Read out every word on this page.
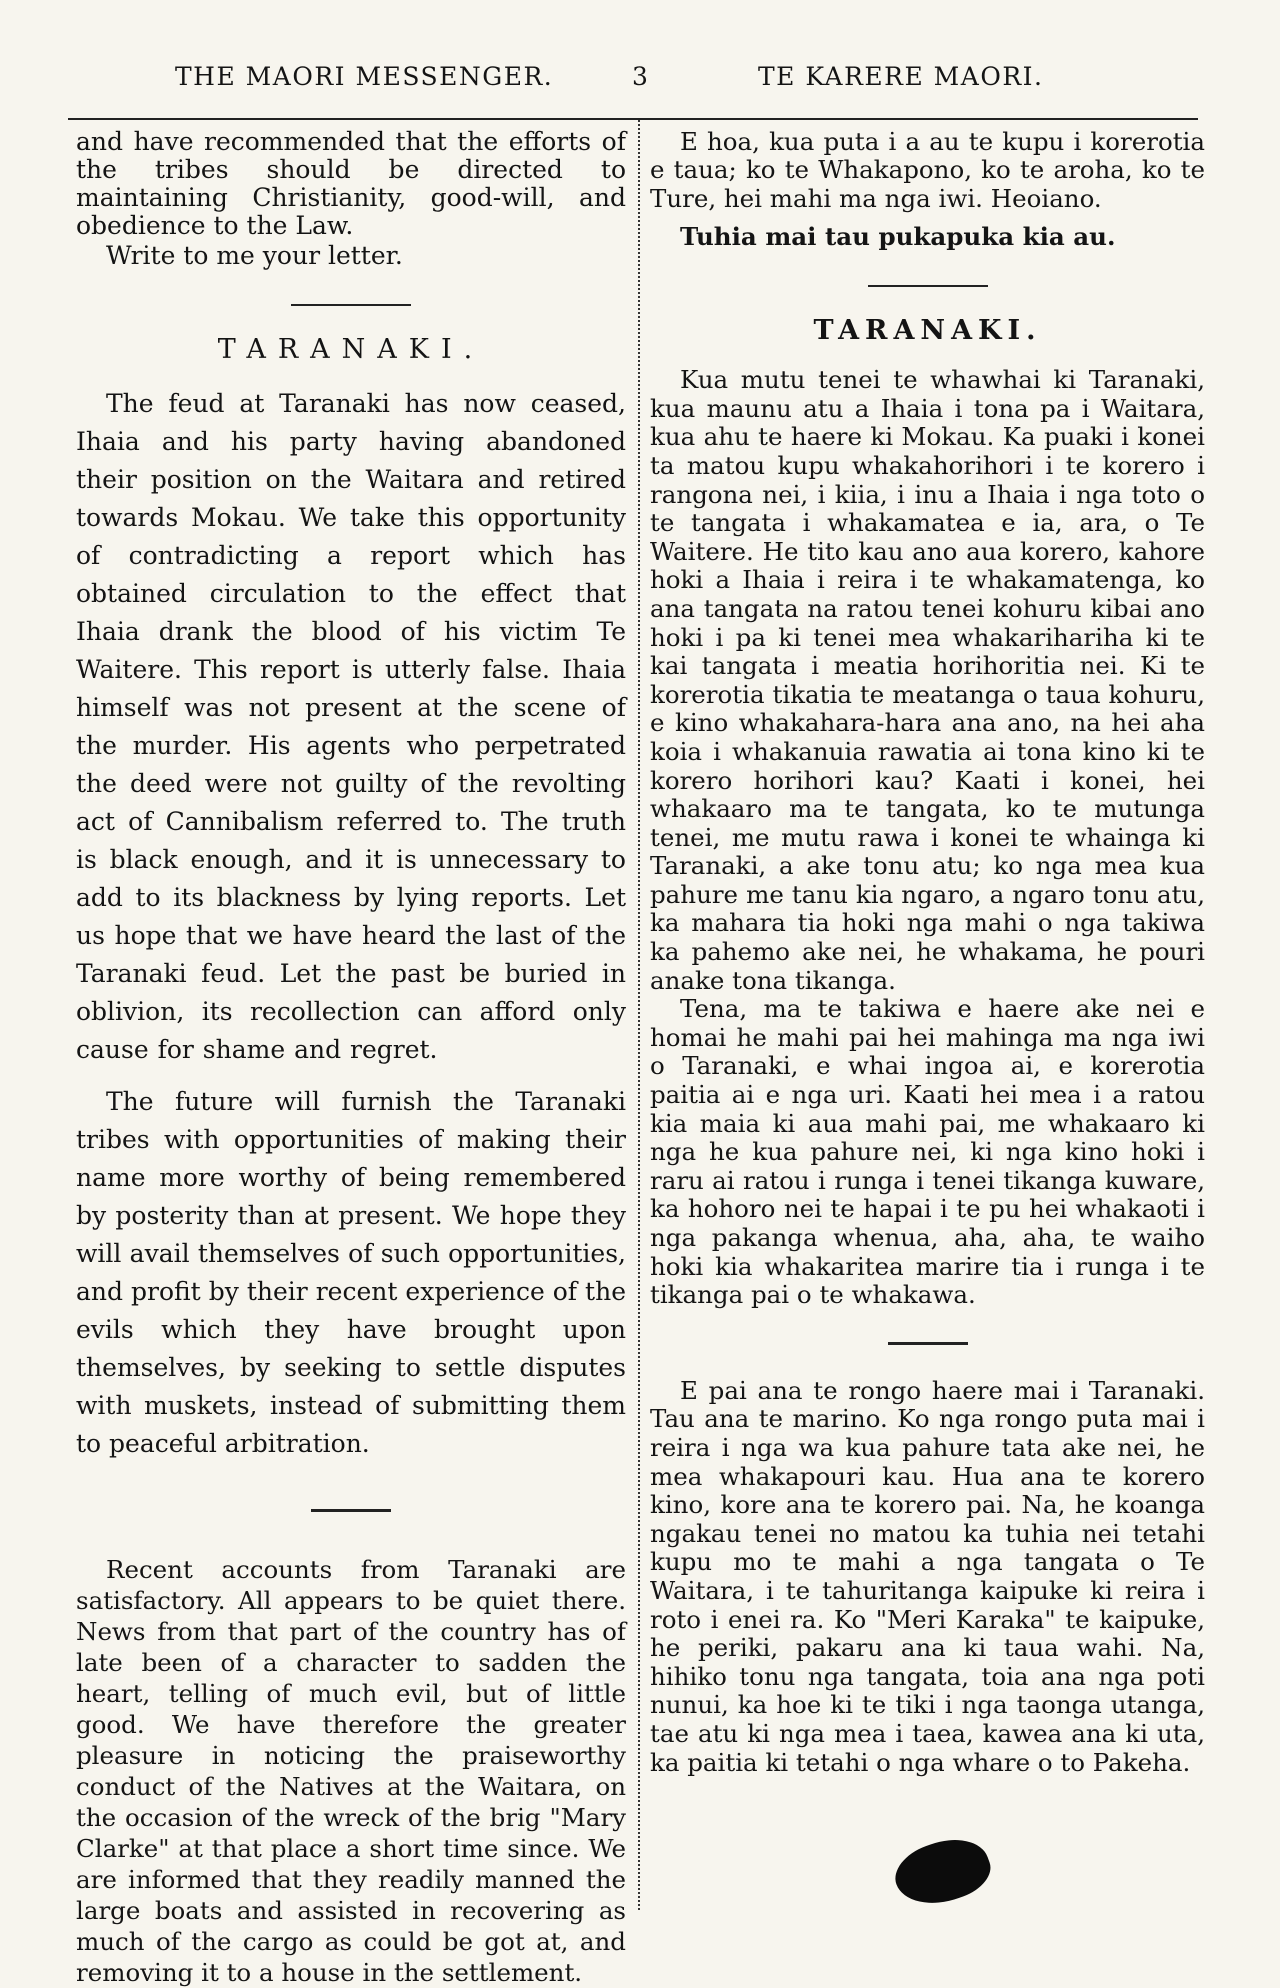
THE MAORI MESSENGER.	3	TE KARERE MAORI.

and have recommended that the efforts of the tribes should be directed to maintaining Christianity, good-will, and obedience to the Law.

Write to me your letter.

TARANAKI.

The feud at Taranaki has now ceased, Ihaia and his party having abandoned their position on the Waitara and retired towards Mokau. We take this opportunity of contradicting a report which has obtained circulation to the effect that Ihaia drank the blood of his victim Te Waitere. This report is utterly false. Ihaia himself was not present at the scene of the murder. His agents who perpetrated the deed were not guilty of the revolting act of Cannibalism referred to. The truth is black enough, and it is unnecessary to add to its blackness by lying reports. Let us hope that we have heard the last of the Taranaki feud. Let the past be buried in oblivion, its recollection can afford only cause for shame and regret.

The future will furnish the Taranaki tribes with opportunities of making their name more worthy of being remembered by posterity than at present. We hope they will avail themselves of such opportunities, and profit by their recent experience of the evils which they have brought upon themselves, by seeking to settle disputes with muskets, instead of submitting them to peaceful arbitration.

Recent accounts from Taranaki are satisfactory. All appears to be quiet there. News from that part of the country has of late been of a character to sadden the heart, telling of much evil, but of little good. We have therefore the greater pleasure in noticing the praiseworthy conduct of the Natives at the Waitara, on the occasion of the wreck of the brig "Mary Clarke" at that place a short time since. We are informed that they readily manned the large boats and assisted in recovering as much of the cargo as could be got at, and removing it to a house in the settlement.

E hoa, kua puta i a au te kupu i korerotia e taua; ko te Whakapono, ko te aroha, ko te Ture, hei mahi ma nga iwi. Heoiano.

Tuhia mai tau pukapuka kia au.

TARANAKI.

Kua mutu tenei te whawhai ki Taranaki, kua maunu atu a Ihaia i tona pa i Waitara, kua ahu te haere ki Mokau. Ka puaki i konei ta matou kupu whakahorihori i te korero i rangona nei, i kiia, i inu a Ihaia i nga toto o te tangata i whakamatea e ia, ara, o Te Waitere. He tito kau ano aua korero, kahore hoki a Ihaia i reira i te whakamatenga, ko ana tangata na ratou tenei kohuru kibai ano hoki i pa ki tenei mea whakarihariha ki te kai tangata i meatia horihoritia nei. Ki te korerotia tikatia te meatanga o taua kohuru, e kino whakahara-hara ana ano, na hei aha koia i whakanuia rawatia ai tona kino ki te korero horihori kau? Kaati i konei, hei whakaaro ma te tangata, ko te mutunga tenei, me mutu rawa i konei te whainga ki Taranaki, a ake tonu atu; ko nga mea kua pahure me tanu kia ngaro, a ngaro tonu atu, ka mahara tia hoki nga mahi o nga takiwa ka pahemo ake nei, he whakama, he pouri anake tona tikanga.

Tena, ma te takiwa e haere ake nei e homai he mahi pai hei mahinga ma nga iwi o Taranaki, e whai ingoa ai, e korerotia paitia ai e nga uri. Kaati hei mea i a ratou kia maia ki aua mahi pai, me whakaaro ki nga he kua pahure nei, ki nga kino hoki i raru ai ratou i runga i tenei tikanga kuware, ka hohoro nei te hapai i te pu hei whakaoti i nga pakanga whenua, aha, aha, te waiho hoki kia whakaritea marire tia i runga i te tikanga pai o te whakawa.

E pai ana te rongo haere mai i Taranaki. Tau ana te marino. Ko nga rongo puta mai i reira i nga wa kua pahure tata ake nei, he mea whakapouri kau. Hua ana te korero kino, kore ana te korero pai. Na, he koanga ngakau tenei no matou ka tuhia nei tetahi kupu mo te mahi a nga tangata o Te Waitara, i te tahuritanga kaipuke ki reira i roto i enei ra. Ko "Meri Karaka" te kaipuke, he periki, pakaru ana ki taua wahi. Na, hihiko tonu nga tangata, toia ana nga poti nunui, ka hoe ki te tiki i nga taonga utanga, tae atu ki nga mea i taea, kawea ana ki uta, ka paitia ki tetahi o nga whare o to Pakeha.
